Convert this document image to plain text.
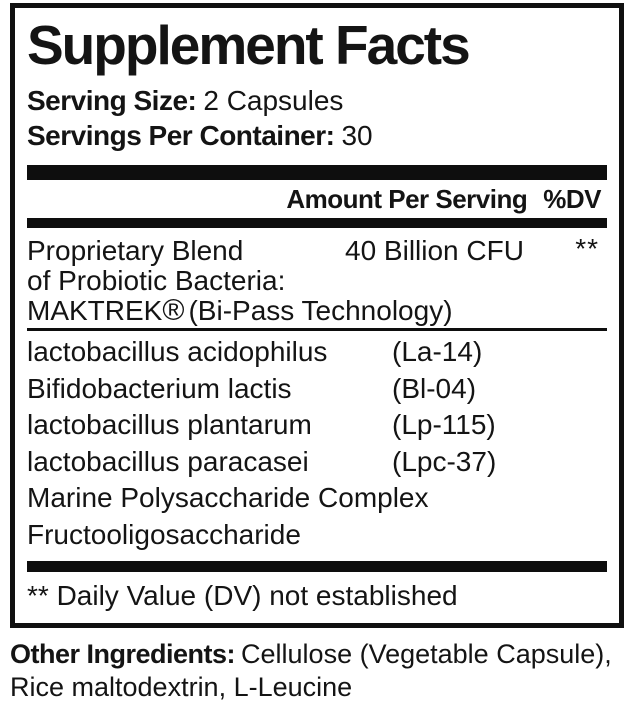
Supplement Facts
Serving Size: 2 Capsules
Servings Per Container: 30
Amount Per Serving %DV
Proprietary Blend	40 Billion CFU **
of Probiotic Bacteria:
MAKTREK® (Bi-Pass Technology)
lactobacillus acidophilus	(La-14)
Bifidobacterium lactis	(Bl-04)
lactobacillus plantarum	(Lp-115)
lactobacillus paracasei	(Lpc-37)
Marine Polysaccharide Complex
Fructooligosaccharide
** Daily Value (DV) not established
Other Ingredients: Cellulose (Vegetable Capsule), Rice maltodextrin, L-Leucine
